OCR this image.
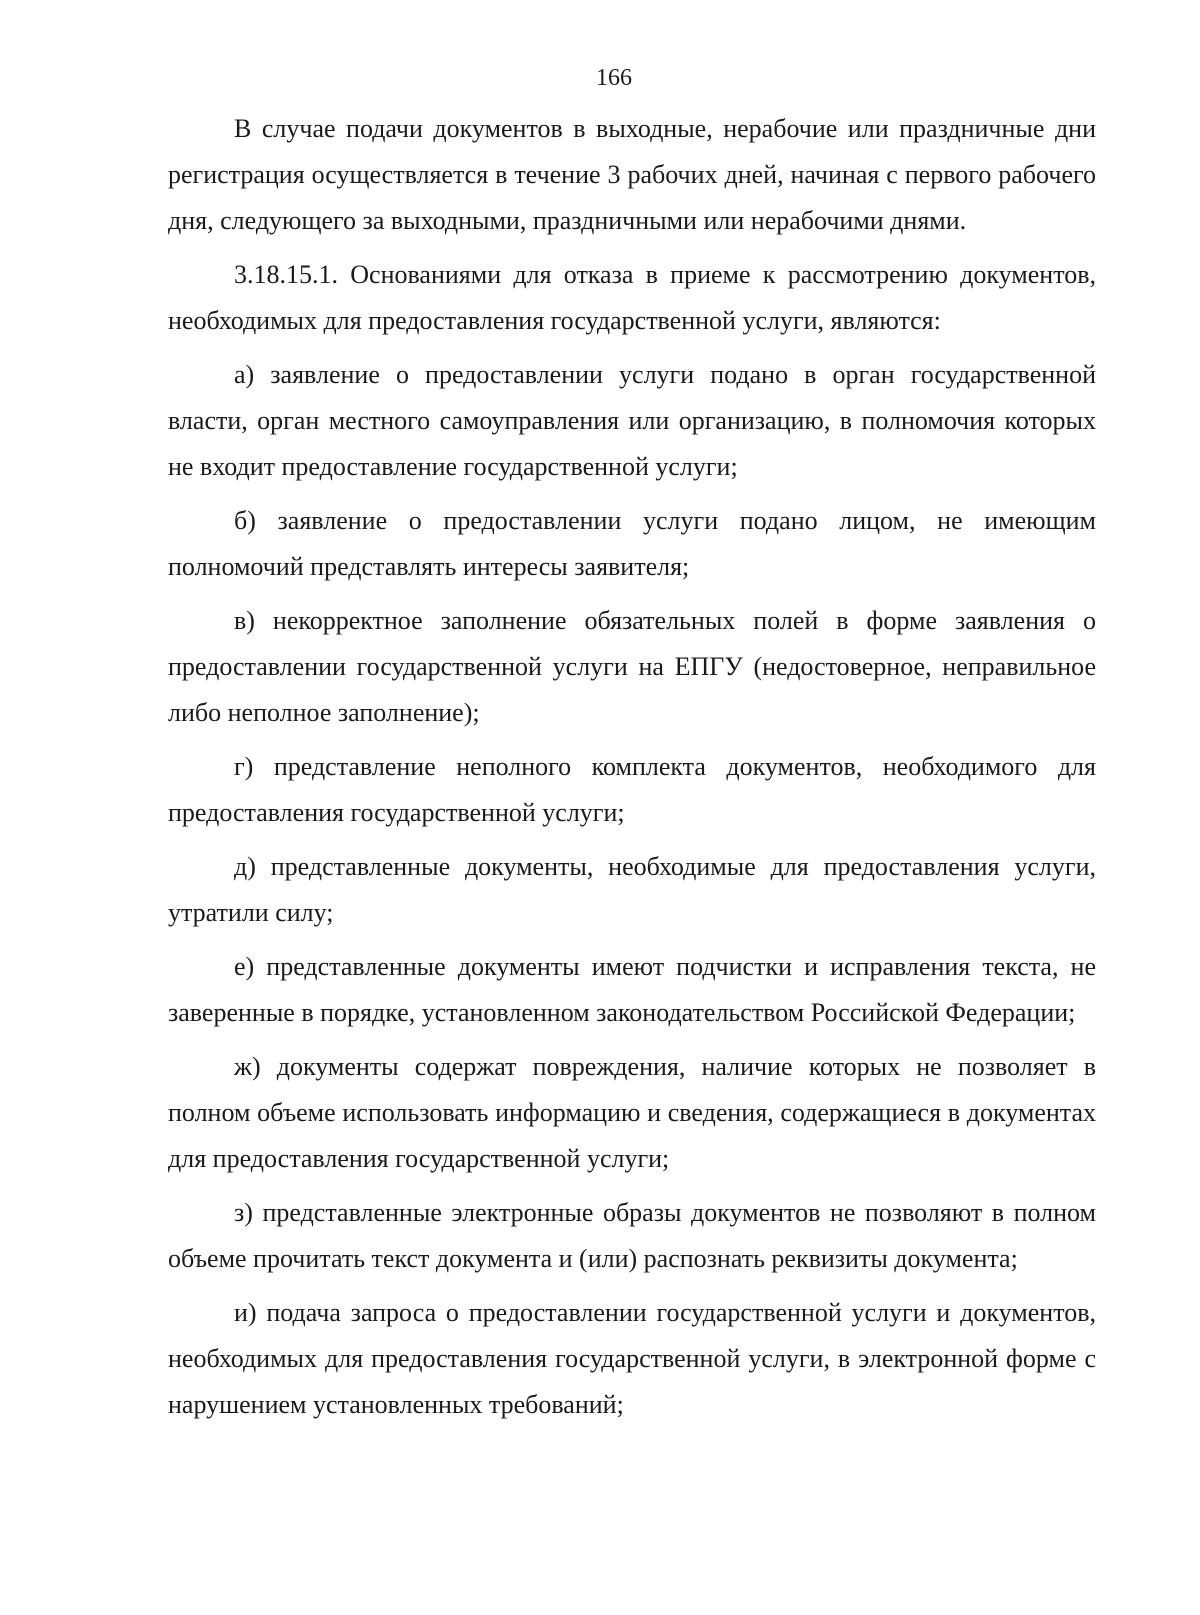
166

В случае подачи документов в выходные, нерабочие или праздничные дни регистрация осуществляется в течение 3 рабочих дней, начиная с первого рабочего дня, следующего за выходными, праздничными или нерабочими днями.

3.18.15.1. Основаниями для отказа в приеме к рассмотрению документов, необходимых для предоставления государственной услуги, являются:

а) заявление о предоставлении услуги подано в орган государственной власти, орган местного самоуправления или организацию, в полномочия которых не входит предоставление государственной услуги;

б) заявление о предоставлении услуги подано лицом, не имеющим полномочий представлять интересы заявителя;

в) некорректное заполнение обязательных полей в форме заявления о предоставлении государственной услуги на ЕПГУ (недостоверное, неправильное либо неполное заполнение);

г) представление неполного комплекта документов, необходимого для предоставления государственной услуги;

д) представленные документы, необходимые для предоставления услуги, утратили силу;

е) представленные документы имеют подчистки и исправления текста, не заверенные в порядке, установленном законодательством Российской Федерации;

ж) документы содержат повреждения, наличие которых не позволяет в полном объеме использовать информацию и сведения, содержащиеся в документах для предоставления государственной услуги;

з) представленные электронные образы документов не позволяют в полном объеме прочитать текст документа и (или) распознать реквизиты документа;

и) подача запроса о предоставлении государственной услуги и документов, необходимых для предоставления государственной услуги, в электронной форме с нарушением установленных требований;
